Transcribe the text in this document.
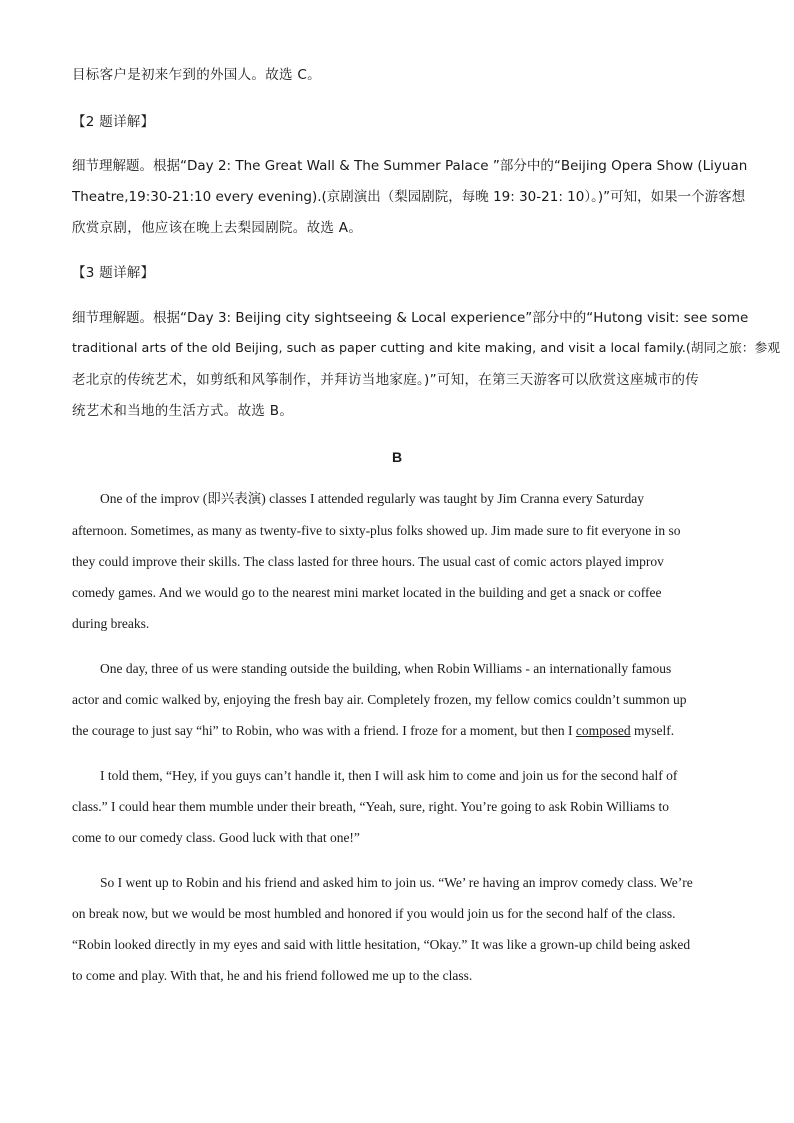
目标客户是初来乍到的外国人。故选 C。
【2 题详解】
细节理解题。根据“Day 2: The Great Wall & The Summer Palace ”部分中的“Beijing Opera Show (Liyuan
Theatre,19:30-21:10 every evening).(京剧演出（梨园剧院，每晚 19: 30-21: 10）。)”可知，如果一个游客想
欣赏京剧，他应该在晚上去梨园剧院。故选 A。
【3 题详解】
细节理解题。根据“Day 3: Beijing city sightseeing & Local experience”部分中的“Hutong visit: see some
traditional arts of the old Beijing, such as paper cutting and kite making, and visit a local family.(胡同之旅：参观
老北京的传统艺术，如剪纸和风筝制作，并拜访当地家庭。)”可知，在第三天游客可以欣赏这座城市的传
统艺术和当地的生活方式。故选 B。
B
One of the improv (即兴表演) classes I attended regularly was taught by Jim Cranna every Saturday
afternoon. Sometimes, as many as twenty-five to sixty-plus folks showed up. Jim made sure to fit everyone in so
they could improve their skills. The class lasted for three hours. The usual cast of comic actors played improv
comedy games. And we would go to the nearest mini market located in the building and get a snack or coffee
during breaks.
One day, three of us were standing outside the building, when Robin Williams - an internationally famous
actor and comic walked by, enjoying the fresh bay air. Completely frozen, my fellow comics couldn’t summon up
the courage to just say “hi” to Robin, who was with a friend. I froze for a moment, but then I composed myself.
I told them, “Hey, if you guys can’t handle it, then I will ask him to come and join us for the second half of
class.” I could hear them mumble under their breath, “Yeah, sure, right. You’re going to ask Robin Williams to
come to our comedy class. Good luck with that one!”
So I went up to Robin and his friend and asked him to join us. “We’ re having an improv comedy class. We’re
on break now, but we would be most humbled and honored if you would join us for the second half of the class.
“Robin looked directly in my eyes and said with little hesitation, “Okay.” It was like a grown-up child being asked
to come and play. With that, he and his friend followed me up to the class.
